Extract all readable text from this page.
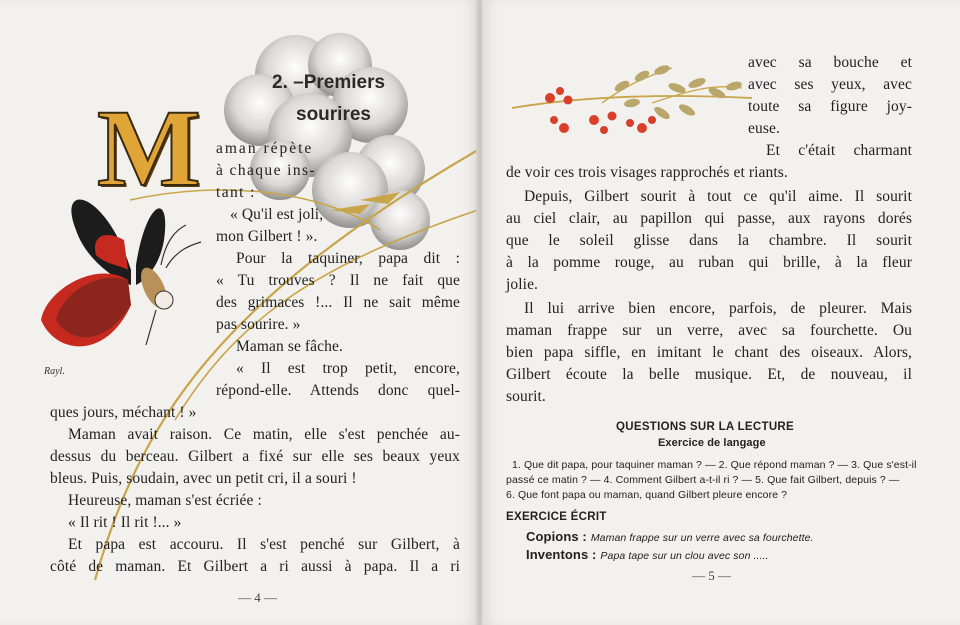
2. –Premiers

sourires

M

Rayl.

aman répète

à chaque ins-

tant :

« Qu'il est joli,

mon Gilbert ! ».

Pour la taquiner, papa dit :

« Tu trouves ? Il ne fait que

des grimaces !... Il ne sait même

pas sourire. »

Maman se fâche.

« Il est trop petit, encore,

répond-elle. Attends donc quel-

ques jours, méchant ! »

Maman avait raison. Ce matin, elle s'est penchée au-

dessus du berceau. Gilbert a fixé sur elle ses beaux yeux

bleus. Puis, soudain, avec un petit cri, il a souri !

Heureuse, maman s'est écriée :

« Il rit ! Il rit !... »

Et papa est accouru. Il s'est penché sur Gilbert, à

côté de maman. Et Gilbert a ri aussi à papa. Il a ri

— 4 —

avec sa bouche et

avec ses yeux, avec

toute sa figure joy-

euse.

Et c'était charmant

de voir ces trois visages rapprochés et riants.

Depuis, Gilbert sourit à tout ce qu'il aime. Il sourit

au ciel clair, au papillon qui passe, aux rayons dorés

que le soleil glisse dans la chambre. Il sourit

à la pomme rouge, au ruban qui brille, à la fleur

jolie.

Il lui arrive bien encore, parfois, de pleurer. Mais

maman frappe sur un verre, avec sa fourchette. Ou

bien papa siffle, en imitant le chant des oiseaux. Alors,

Gilbert écoute la belle musique. Et, de nouveau, il

sourit.

QUESTIONS SUR LA LECTURE

Exercice de langage

1. Que dit papa, pour taquiner maman ? — 2. Que répond maman ? — 3. Que s'est-il

passé ce matin ? — 4. Comment Gilbert a-t-il ri ? — 5. Que fait Gilbert, depuis ? —

6. Que font papa ou maman, quand Gilbert pleure encore ?

EXERCICE ÉCRIT

Copions : Maman frappe sur un verre avec sa fourchette.

Inventons : Papa tape sur un clou avec son .....

— 5 —
